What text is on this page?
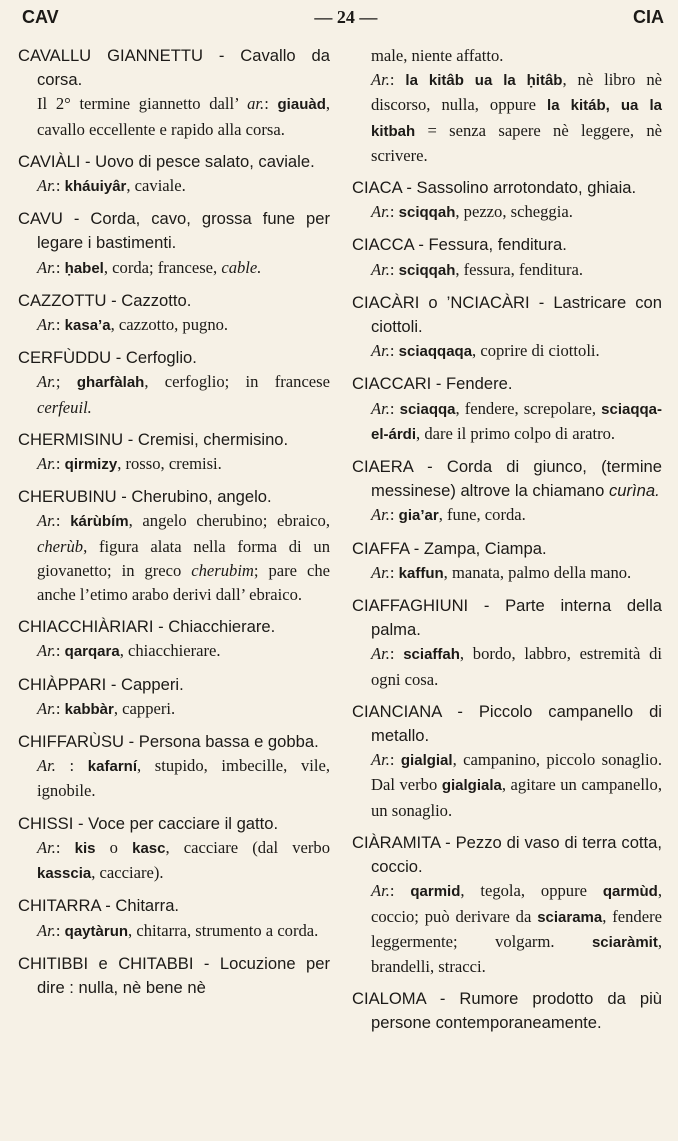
CAV	— 24 —	CIA

CAVALLU GIANNETTU - Cavallo da corsa.

Il 2° termine giannetto dall’ ar.: giauàd, cavallo eccellente e rapido alla corsa.

CAVIÀLI - Uovo di pesce salato, caviale.

Ar.: kháuiyâr, caviale.

CAVU - Corda, cavo, grossa fune per legare i bastimenti.

Ar.: ḥabel, corda; francese, cable.

CAZZOTTU - Cazzotto.

Ar.: kasa’a, cazzotto, pugno.

CERFÙDDU - Cerfoglio.

Ar.; gharfàlah, cerfoglio; in francese cerfeuil.

CHERMISINU - Cremisi, chermisino.

Ar.: qirmizy, rosso, cremisi.

CHERUBINU - Cherubino, angelo.

Ar.: kárùbím, angelo cherubino; ebraico, cherùb, figura alata nella forma di un giovanetto; in greco cherubim; pare che anche l’etimo arabo derivi dall’ ebraico.

CHIACCHIÀRIARI - Chiacchierare.

Ar.: qarqara, chiacchierare.

CHIÀPPARI - Capperi.

Ar.: kabbàr, capperi.

CHIFFARÙSU - Persona bassa e gobba.

Ar. : kafarní, stupido, imbecille, vile, ignobile.

CHISSI - Voce per cacciare il gatto.

Ar.: kis o kasc, cacciare (dal verbo kasscia, cacciare).

CHITARRA - Chitarra.

Ar.: qaytàrun, chitarra, strumento a corda.

CHITIBBI e CHITABBI - Locuzione per dire : nulla, nè bene nè

male, niente affatto.

Ar.: la kitâb ua la ḥitâb, nè libro nè discorso, nulla, oppure la kitáb, ua la kitbah = senza sapere nè leggere, nè scrivere.

CIACA - Sassolino arrotondato, ghiaia.

Ar.: sciqqah, pezzo, scheggia.

CIACCA - Fessura, fenditura.

Ar.: sciqqah, fessura, fenditura.

CIACÀRI o ’NCIACÀRI - Lastricare con ciottoli.

Ar.: sciaqqaqa, coprire di ciottoli.

CIACCARI - Fendere.

Ar.: sciaqqa, fendere, screpolare, sciaqqa-el-árdi, dare il primo colpo di aratro.

CIAERA - Corda di giunco, (termine messinese) altrove la chiamano curìna.

Ar.: gia’ar, fune, corda.

CIAFFA - Zampa, Ciampa.

Ar.: kaffun, manata, palmo della mano.

CIAFFAGHIUNI - Parte interna della palma.

Ar.: sciaffah, bordo, labbro, estremità di ogni cosa.

CIANCIANA - Piccolo campanello di metallo.

Ar.: gialgial, campanino, piccolo sonaglio. Dal verbo gialgiala, agitare un campanello, un sonaglio.

CIÀRAMITA - Pezzo di vaso di terra cotta, coccio.

Ar.: qarmid, tegola, oppure qarmùd, coccio; può derivare da sciarama, fendere leggermente; volgarm. sciaràmit, brandelli, stracci.

CIALOMA - Rumore prodotto da più persone contemporaneamente.
